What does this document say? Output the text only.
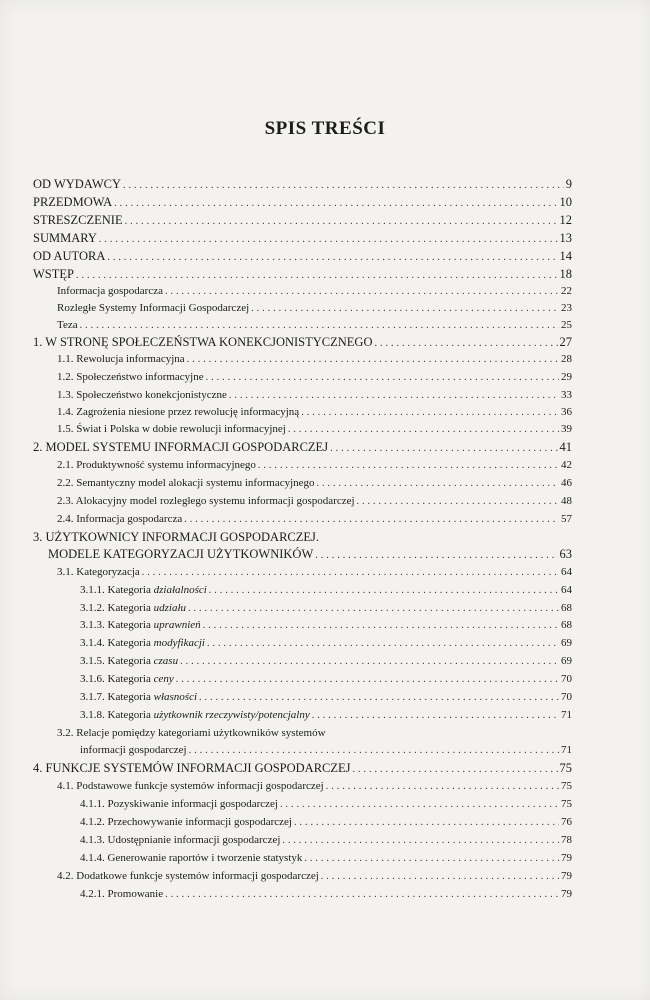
SPIS TREŚCI
OD WYDAWCY .....	9
PRZEDMOWA .....	10
STRESZCZENIE .....	12
SUMMARY .....	13
OD AUTORA .....	14
WSTĘP .....	18
Informacja gospodarcza .....	22
Rozległe Systemy Informacji Gospodarczej .....	23
Teza .....	25
1. W STRONĘ SPOŁECZEŃSTWA KONEKCJONISTYCZNEGO .....	27
1.1. Rewolucja informacyjna .....	28
1.2. Społeczeństwo informacyjne .....	29
1.3. Społeczeństwo konekcjonistyczne .....	33
1.4. Zagrożenia niesione przez rewolucję informacyjną .....	36
1.5. Świat i Polska w dobie rewolucji informacyjnej .....	39
2. MODEL SYSTEMU INFORMACJI GOSPODARCZEJ .....	41
2.1. Produktywność systemu informacyjnego .....	42
2.2. Semantyczny model alokacji systemu informacyjnego .....	46
2.3. Alokacyjny model rozległego systemu informacji gospodarczej .....	48
2.4. Informacja gospodarcza .....	57
3. UŻYTKOWNICY INFORMACJI GOSPODARCZEJ.
MODELE KATEGORYZACJI UŻYTKOWNIKÓW .....	63
3.1. Kategoryzacja .....	64
3.1.1. Kategoria działalności .....	64
3.1.2. Kategoria udziału .....	68
3.1.3. Kategoria uprawnień .....	68
3.1.4. Kategoria modyfikacji .....	69
3.1.5. Kategoria czasu .....	69
3.1.6. Kategoria ceny .....	70
3.1.7. Kategoria własności .....	70
3.1.8. Kategoria użytkownik rzeczywisty/potencjalny .....	71
3.2. Relacje pomiędzy kategoriami użytkowników systemów
informacji gospodarczej .....	71
4. FUNKCJE SYSTEMÓW INFORMACJI GOSPODARCZEJ .....	75
4.1. Podstawowe funkcje systemów informacji gospodarczej .....	75
4.1.1. Pozyskiwanie informacji gospodarczej .....	75
4.1.2. Przechowywanie informacji gospodarczej .....	76
4.1.3. Udostępnianie informacji gospodarczej .....	78
4.1.4. Generowanie raportów i tworzenie statystyk .....	79
4.2. Dodatkowe funkcje systemów informacji gospodarczej .....	79
4.2.1. Promowanie .....	79
